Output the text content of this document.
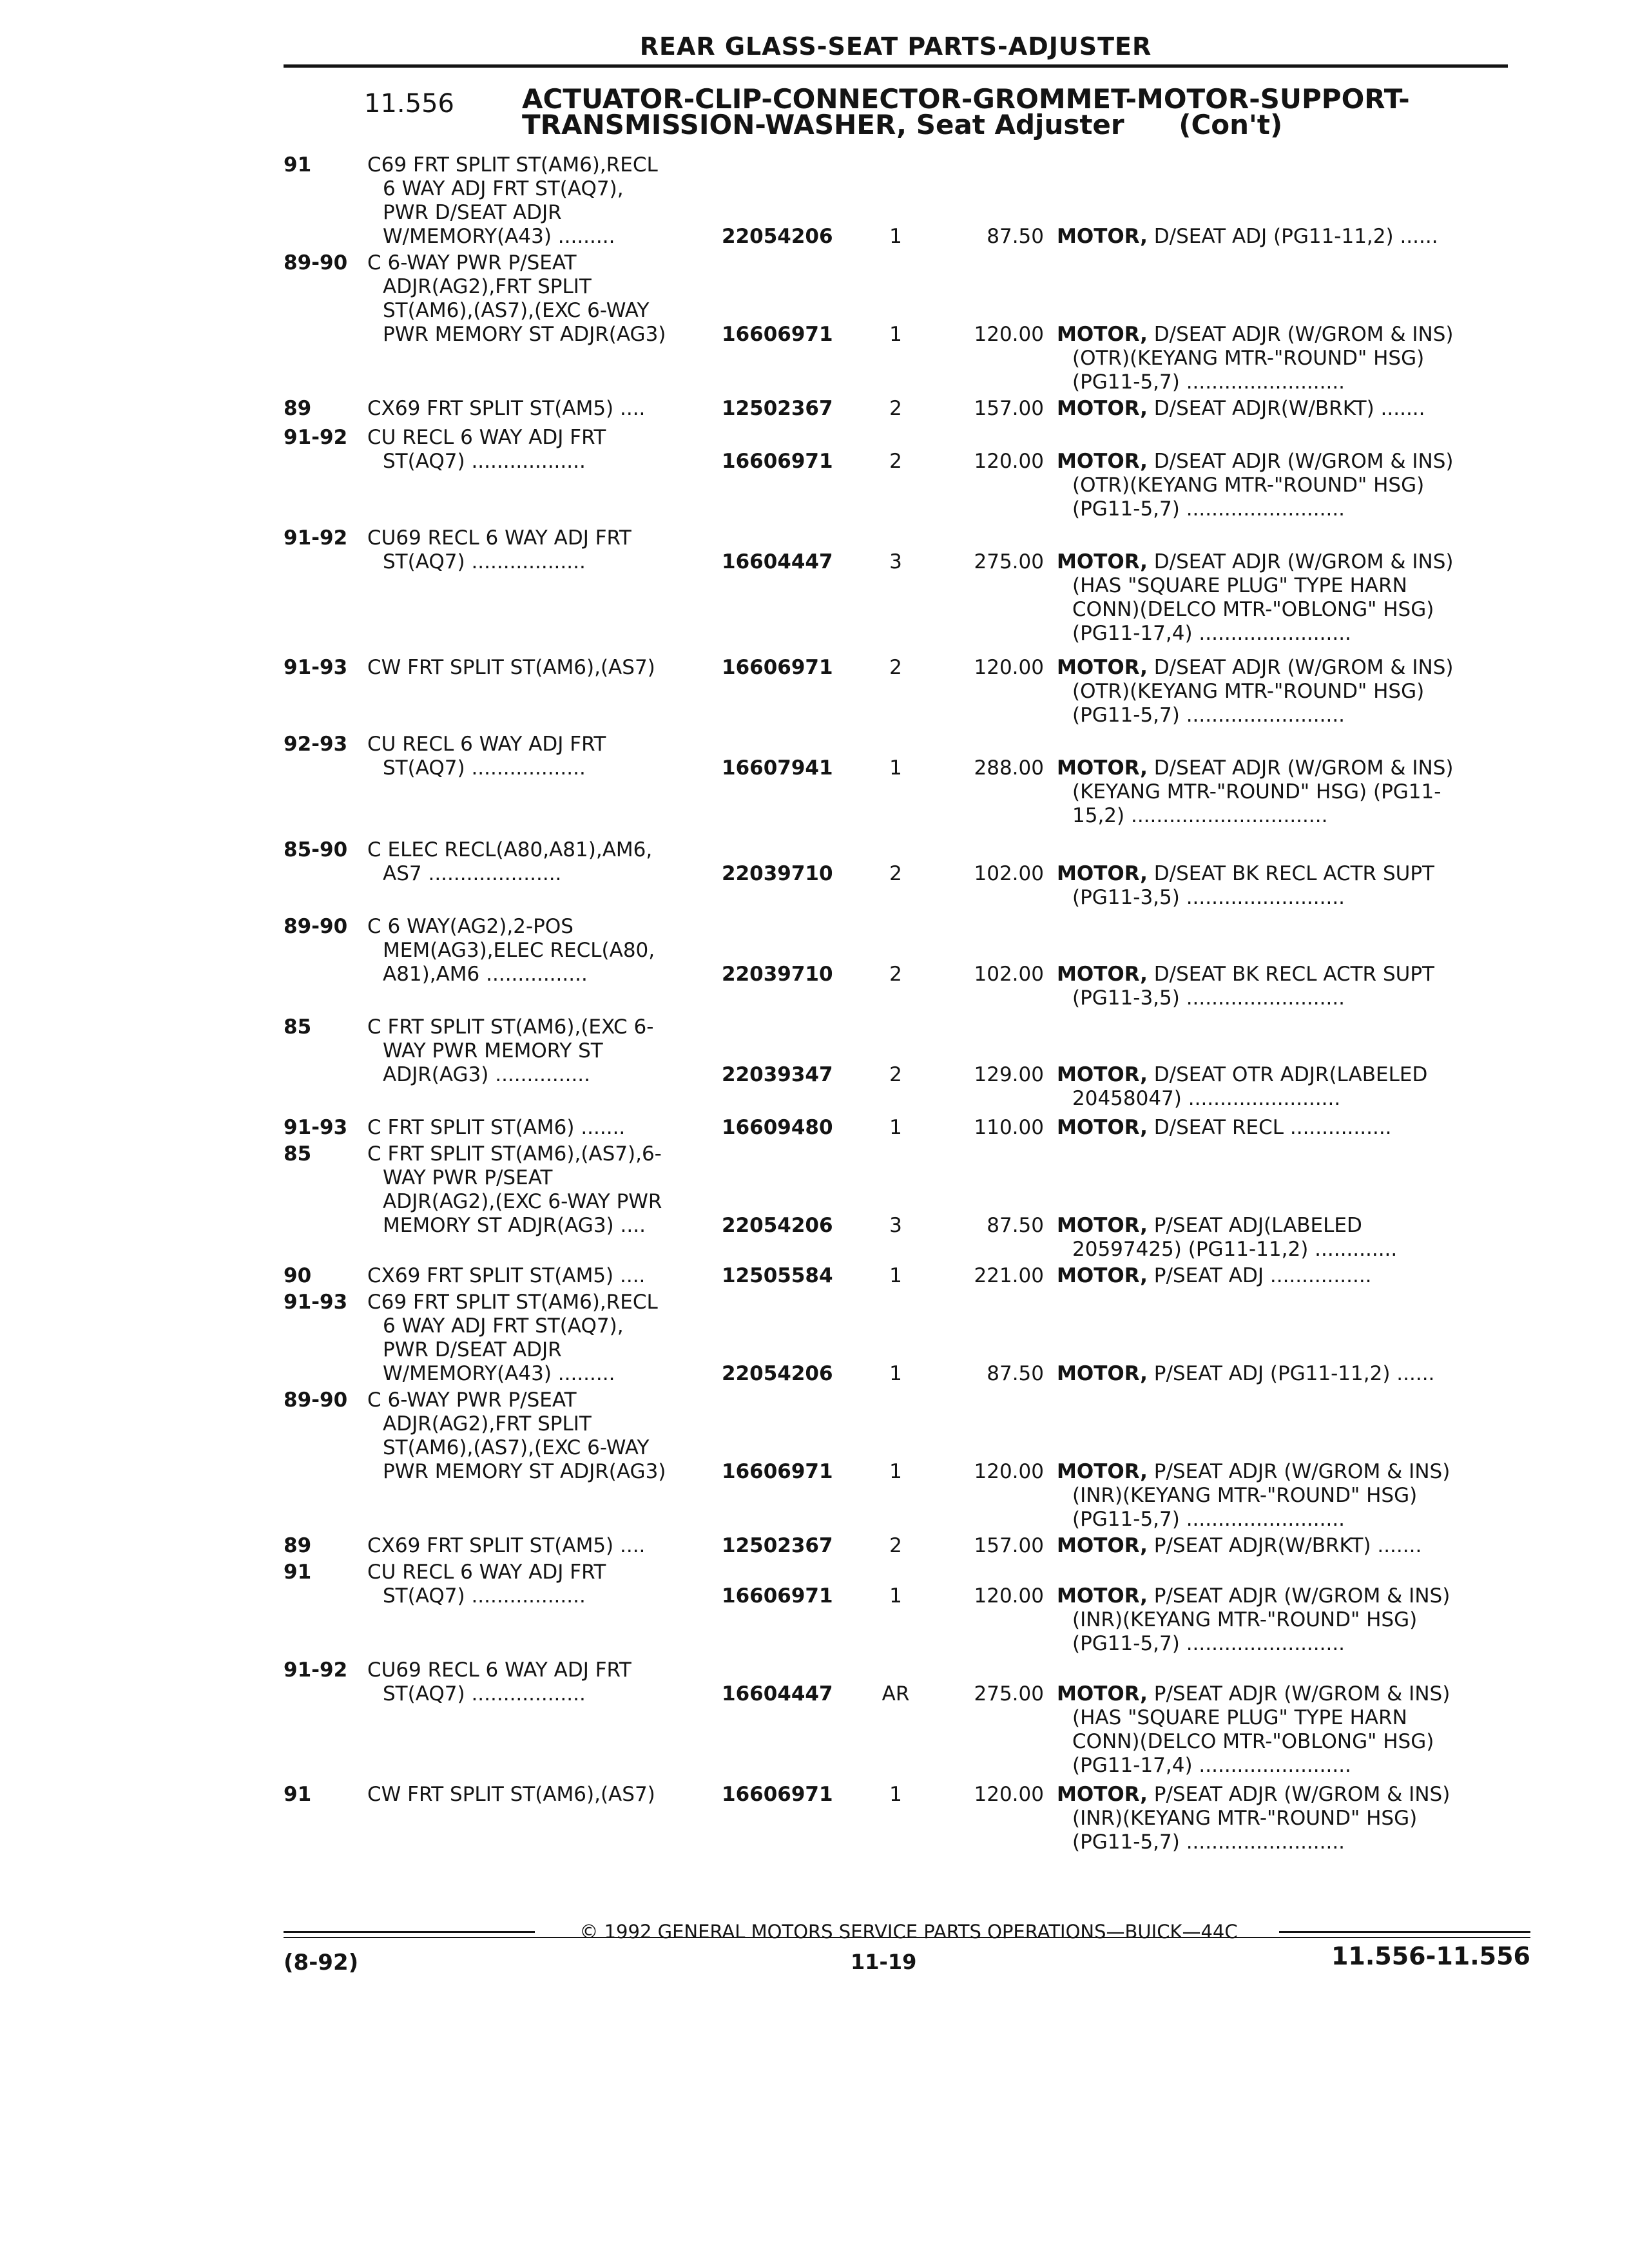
REAR GLASS-SEAT PARTS-ADJUSTER
11.556	ACTUATOR-CLIP-CONNECTOR-GROMMET-MOTOR-SUPPORT-
TRANSMISSION-WASHER, Seat Adjuster (Con't)
91	C69 FRT SPLIT ST(AM6),RECL
6 WAY ADJ FRT ST(AQ7),
PWR D/SEAT ADJR
W/MEMORY(A43) .........	22054206	1	87.50 MOTOR, D/SEAT ADJ (PG11-11,2) ......
89-90 C 6-WAY PWR P/SEAT
ADJR(AG2),FRT SPLIT
ST(AM6),(AS7),(EXC 6-WAY
PWR MEMORY ST ADJR(AG3)	16606971	1	120.00 MOTOR, D/SEAT ADJR (W/GROM & INS)
(OTR)(KEYANG MTR-"ROUND" HSG)
(PG11-5,7) .........................
89	CX69 FRT SPLIT ST(AM5) ....	12502367	2	157.00 MOTOR, D/SEAT ADJR(W/BRKT) .......
91-92 CU RECL 6 WAY ADJ FRT
ST(AQ7) ..................	16606971	2	120.00 MOTOR, D/SEAT ADJR (W/GROM & INS)
(OTR)(KEYANG MTR-"ROUND" HSG)
(PG11-5,7) .........................
91-92 CU69 RECL 6 WAY ADJ FRT
ST(AQ7) ..................	16604447	3	275.00 MOTOR, D/SEAT ADJR (W/GROM & INS)
(HAS "SQUARE PLUG" TYPE HARN
CONN)(DELCO MTR-"OBLONG" HSG)
(PG11-17,4) ........................
91-93 CW FRT SPLIT ST(AM6),(AS7)	16606971	2	120.00 MOTOR, D/SEAT ADJR (W/GROM & INS)
(OTR)(KEYANG MTR-"ROUND" HSG)
(PG11-5,7) .........................
92-93 CU RECL 6 WAY ADJ FRT
ST(AQ7) ..................	16607941	1	288.00 MOTOR, D/SEAT ADJR (W/GROM & INS)
(KEYANG MTR-"ROUND" HSG) (PG11-
15,2) ...............................
85-90 C ELEC RECL(A80,A81),AM6,
AS7 .....................	22039710	2	102.00 MOTOR, D/SEAT BK RECL ACTR SUPT
(PG11-3,5) .........................
89-90 C 6 WAY(AG2),2-POS
MEM(AG3),ELEC RECL(A80,
A81),AM6 ................	22039710	2	102.00 MOTOR, D/SEAT BK RECL ACTR SUPT
(PG11-3,5) .........................
85	C FRT SPLIT ST(AM6),(EXC 6-
WAY PWR MEMORY ST
ADJR(AG3) ...............	22039347	2	129.00 MOTOR, D/SEAT OTR ADJR(LABELED
20458047) ........................
91-93 C FRT SPLIT ST(AM6) .......	16609480	1	110.00 MOTOR, D/SEAT RECL ................
85	C FRT SPLIT ST(AM6),(AS7),6-
WAY PWR P/SEAT
ADJR(AG2),(EXC 6-WAY PWR
MEMORY ST ADJR(AG3) ....	22054206	3	87.50 MOTOR, P/SEAT ADJ(LABELED
20597425) (PG11-11,2) .............
90	CX69 FRT SPLIT ST(AM5) ....	12505584	1	221.00 MOTOR, P/SEAT ADJ ................
91-93 C69 FRT SPLIT ST(AM6),RECL
6 WAY ADJ FRT ST(AQ7),
PWR D/SEAT ADJR
W/MEMORY(A43) .........	22054206	1	87.50 MOTOR, P/SEAT ADJ (PG11-11,2) ......
89-90 C 6-WAY PWR P/SEAT
ADJR(AG2),FRT SPLIT
ST(AM6),(AS7),(EXC 6-WAY
PWR MEMORY ST ADJR(AG3)	16606971	1	120.00 MOTOR, P/SEAT ADJR (W/GROM & INS)
(INR)(KEYANG MTR-"ROUND" HSG)
(PG11-5,7) .........................
89	CX69 FRT SPLIT ST(AM5) ....	12502367	2	157.00 MOTOR, P/SEAT ADJR(W/BRKT) .......
91	CU RECL 6 WAY ADJ FRT
ST(AQ7) ..................	16606971	1	120.00 MOTOR, P/SEAT ADJR (W/GROM & INS)
(INR)(KEYANG MTR-"ROUND" HSG)
(PG11-5,7) .........................
91-92 CU69 RECL 6 WAY ADJ FRT
ST(AQ7) ..................	16604447	AR	275.00 MOTOR, P/SEAT ADJR (W/GROM & INS)
(HAS "SQUARE PLUG" TYPE HARN
CONN)(DELCO MTR-"OBLONG" HSG)
(PG11-17,4) ........................
91	CW FRT SPLIT ST(AM6),(AS7)	16606971	1	120.00 MOTOR, P/SEAT ADJR (W/GROM & INS)
(INR)(KEYANG MTR-"ROUND" HSG)
(PG11-5,7) .........................
© 1992 GENERAL MOTORS SERVICE PARTS OPERATIONS—BUICK—44C
(8-92)	11-19	11.556-11.556
